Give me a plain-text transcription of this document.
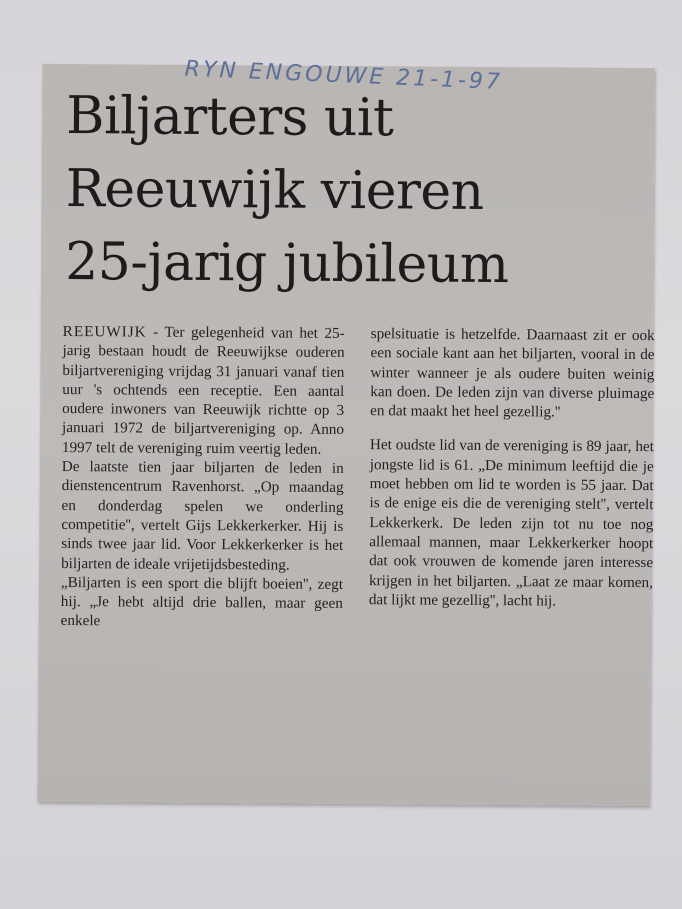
RYN ENGOUWE 21-1-97
Biljarters uit
Reeuwijk vieren
25-jarig jubileum

REEUWIJK - Ter gelegenheid van het 25-jarig bestaan houdt de Reeuwijkse ouderen biljartvereniging vrijdag 31 januari vanaf tien uur 's ochtends een receptie. Een aantal oudere inwoners van Reeuwijk richtte op 3 januari 1972 de biljartvereniging op. Anno 1997 telt de vereniging ruim veertig leden.

De laatste tien jaar biljarten de leden in dienstencentrum Ravenhorst. „Op maandag en donderdag spelen we onderling competitie'', vertelt Gijs Lekkerkerker. Hij is sinds twee jaar lid. Voor Lekkerkerker is het biljarten de ideale vrijetijdsbesteding.

„Biljarten is een sport die blijft boeien'', zegt hij. „Je hebt altijd drie ballen, maar geen enkele

spelsituatie is hetzelfde. Daarnaast zit er ook een sociale kant aan het biljarten, vooral in de winter wanneer je als oudere buiten weinig kan doen. De leden zijn van diverse pluimage en dat maakt het heel gezellig.''

Het oudste lid van de vereniging is 89 jaar, het jongste lid is 61. „De minimum leeftijd die je moet hebben om lid te worden is 55 jaar. Dat is de enige eis die de vereniging stelt'', vertelt Lekkerkerk. De leden zijn tot nu toe nog allemaal mannen, maar Lekkerkerker hoopt dat ook vrouwen de komende jaren interesse krijgen in het biljarten. „Laat ze maar komen, dat lijkt me gezellig'', lacht hij.
